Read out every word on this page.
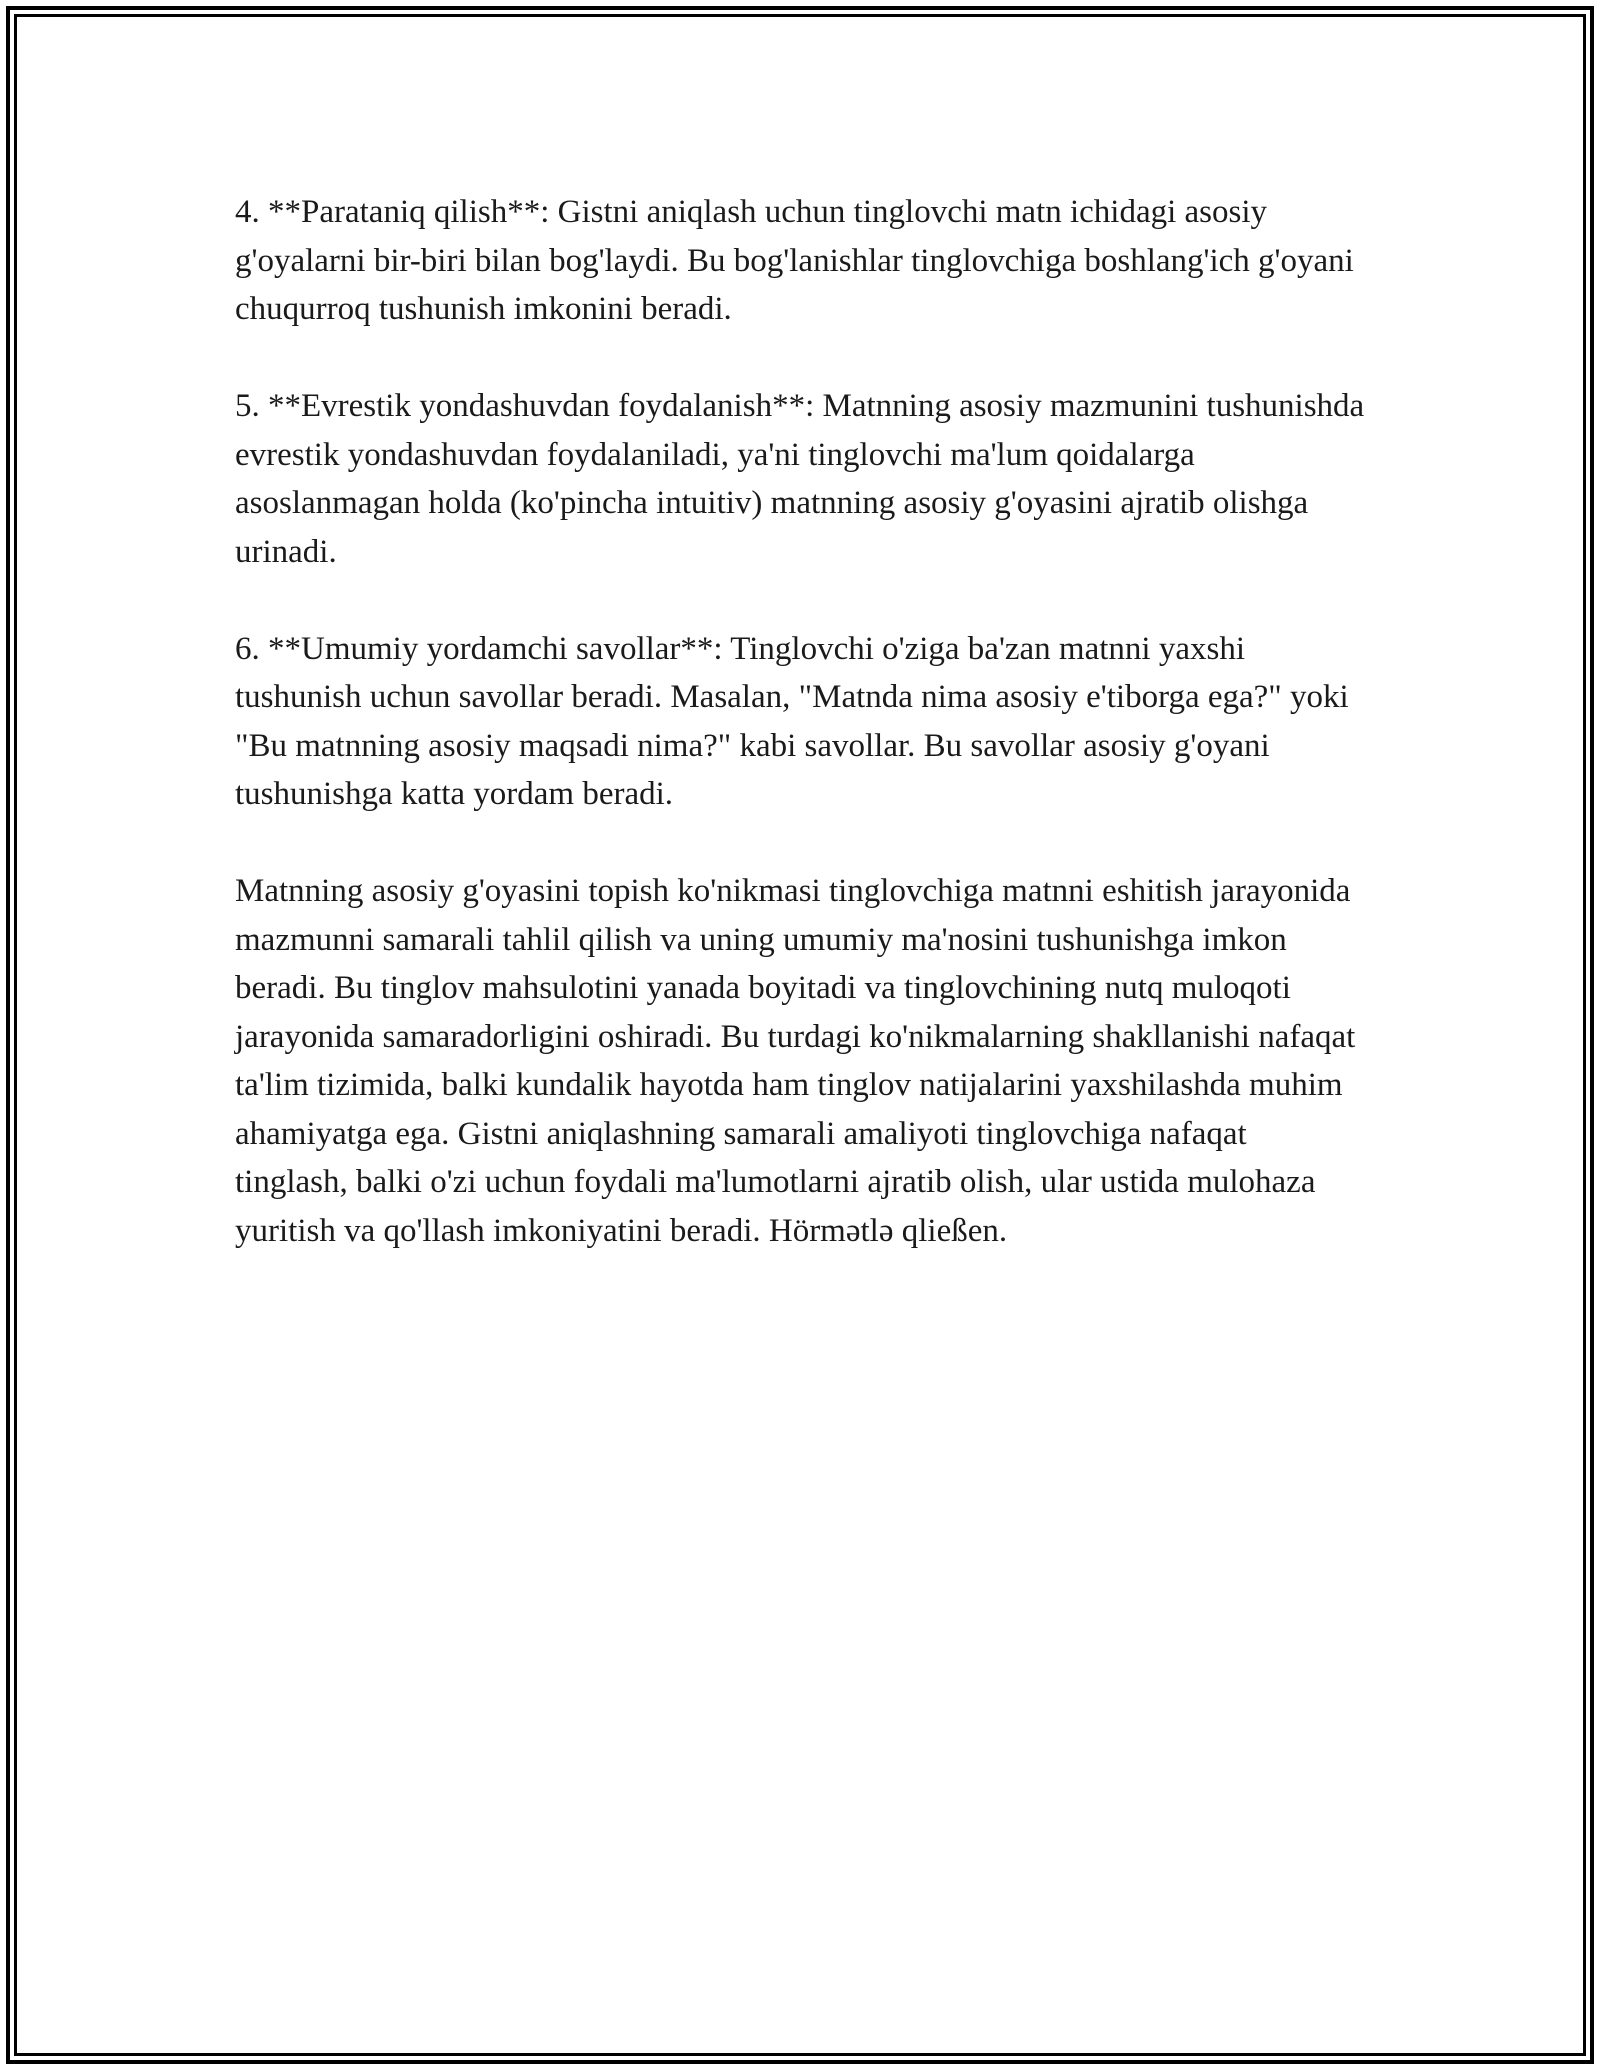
4. **Parataniq qilish**: Gistni aniqlash uchun tinglovchi matn ichidagi asosiy g'oyalarni bir-biri bilan bog'laydi. Bu bog'lanishlar tinglovchiga boshlang'ich g'oyani chuqurroq tushunish imkonini beradi.

5. **Evrestik yondashuvdan foydalanish**: Matnning asosiy mazmunini tushunishda evrestik yondashuvdan foydalaniladi, ya'ni tinglovchi ma'lum qoidalarga asoslanmagan holda (ko'pincha intuitiv) matnning asosiy g'oyasini ajratib olishga urinadi.

6. **Umumiy yordamchi savollar**: Tinglovchi o'ziga ba'zan matnni yaxshi tushunish uchun savollar beradi. Masalan, "Matnda nima asosiy e'tiborga ega?" yoki "Bu matnning asosiy maqsadi nima?" kabi savollar. Bu savollar asosiy g'oyani tushunishga katta yordam beradi.

Matnning asosiy g'oyasini topish ko'nikmasi tinglovchiga matnni eshitish jarayonida mazmunni samarali tahlil qilish va uning umumiy ma'nosini tushunishga imkon beradi. Bu tinglov mahsulotini yanada boyitadi va tinglovchining nutq muloqoti jarayonida samaradorligini oshiradi. Bu turdagi ko'nikmalarning shakllanishi nafaqat ta'lim tizimida, balki kundalik hayotda ham tinglov natijalarini yaxshilashda muhim ahamiyatga ega. Gistni aniqlashning samarali amaliyoti tinglovchiga nafaqat tinglash, balki o'zi uchun foydali ma'lumotlarni ajratib olish, ular ustida mulohaza yuritish va qo'llash imkoniyatini beradi. Hörmətlə qließen.
